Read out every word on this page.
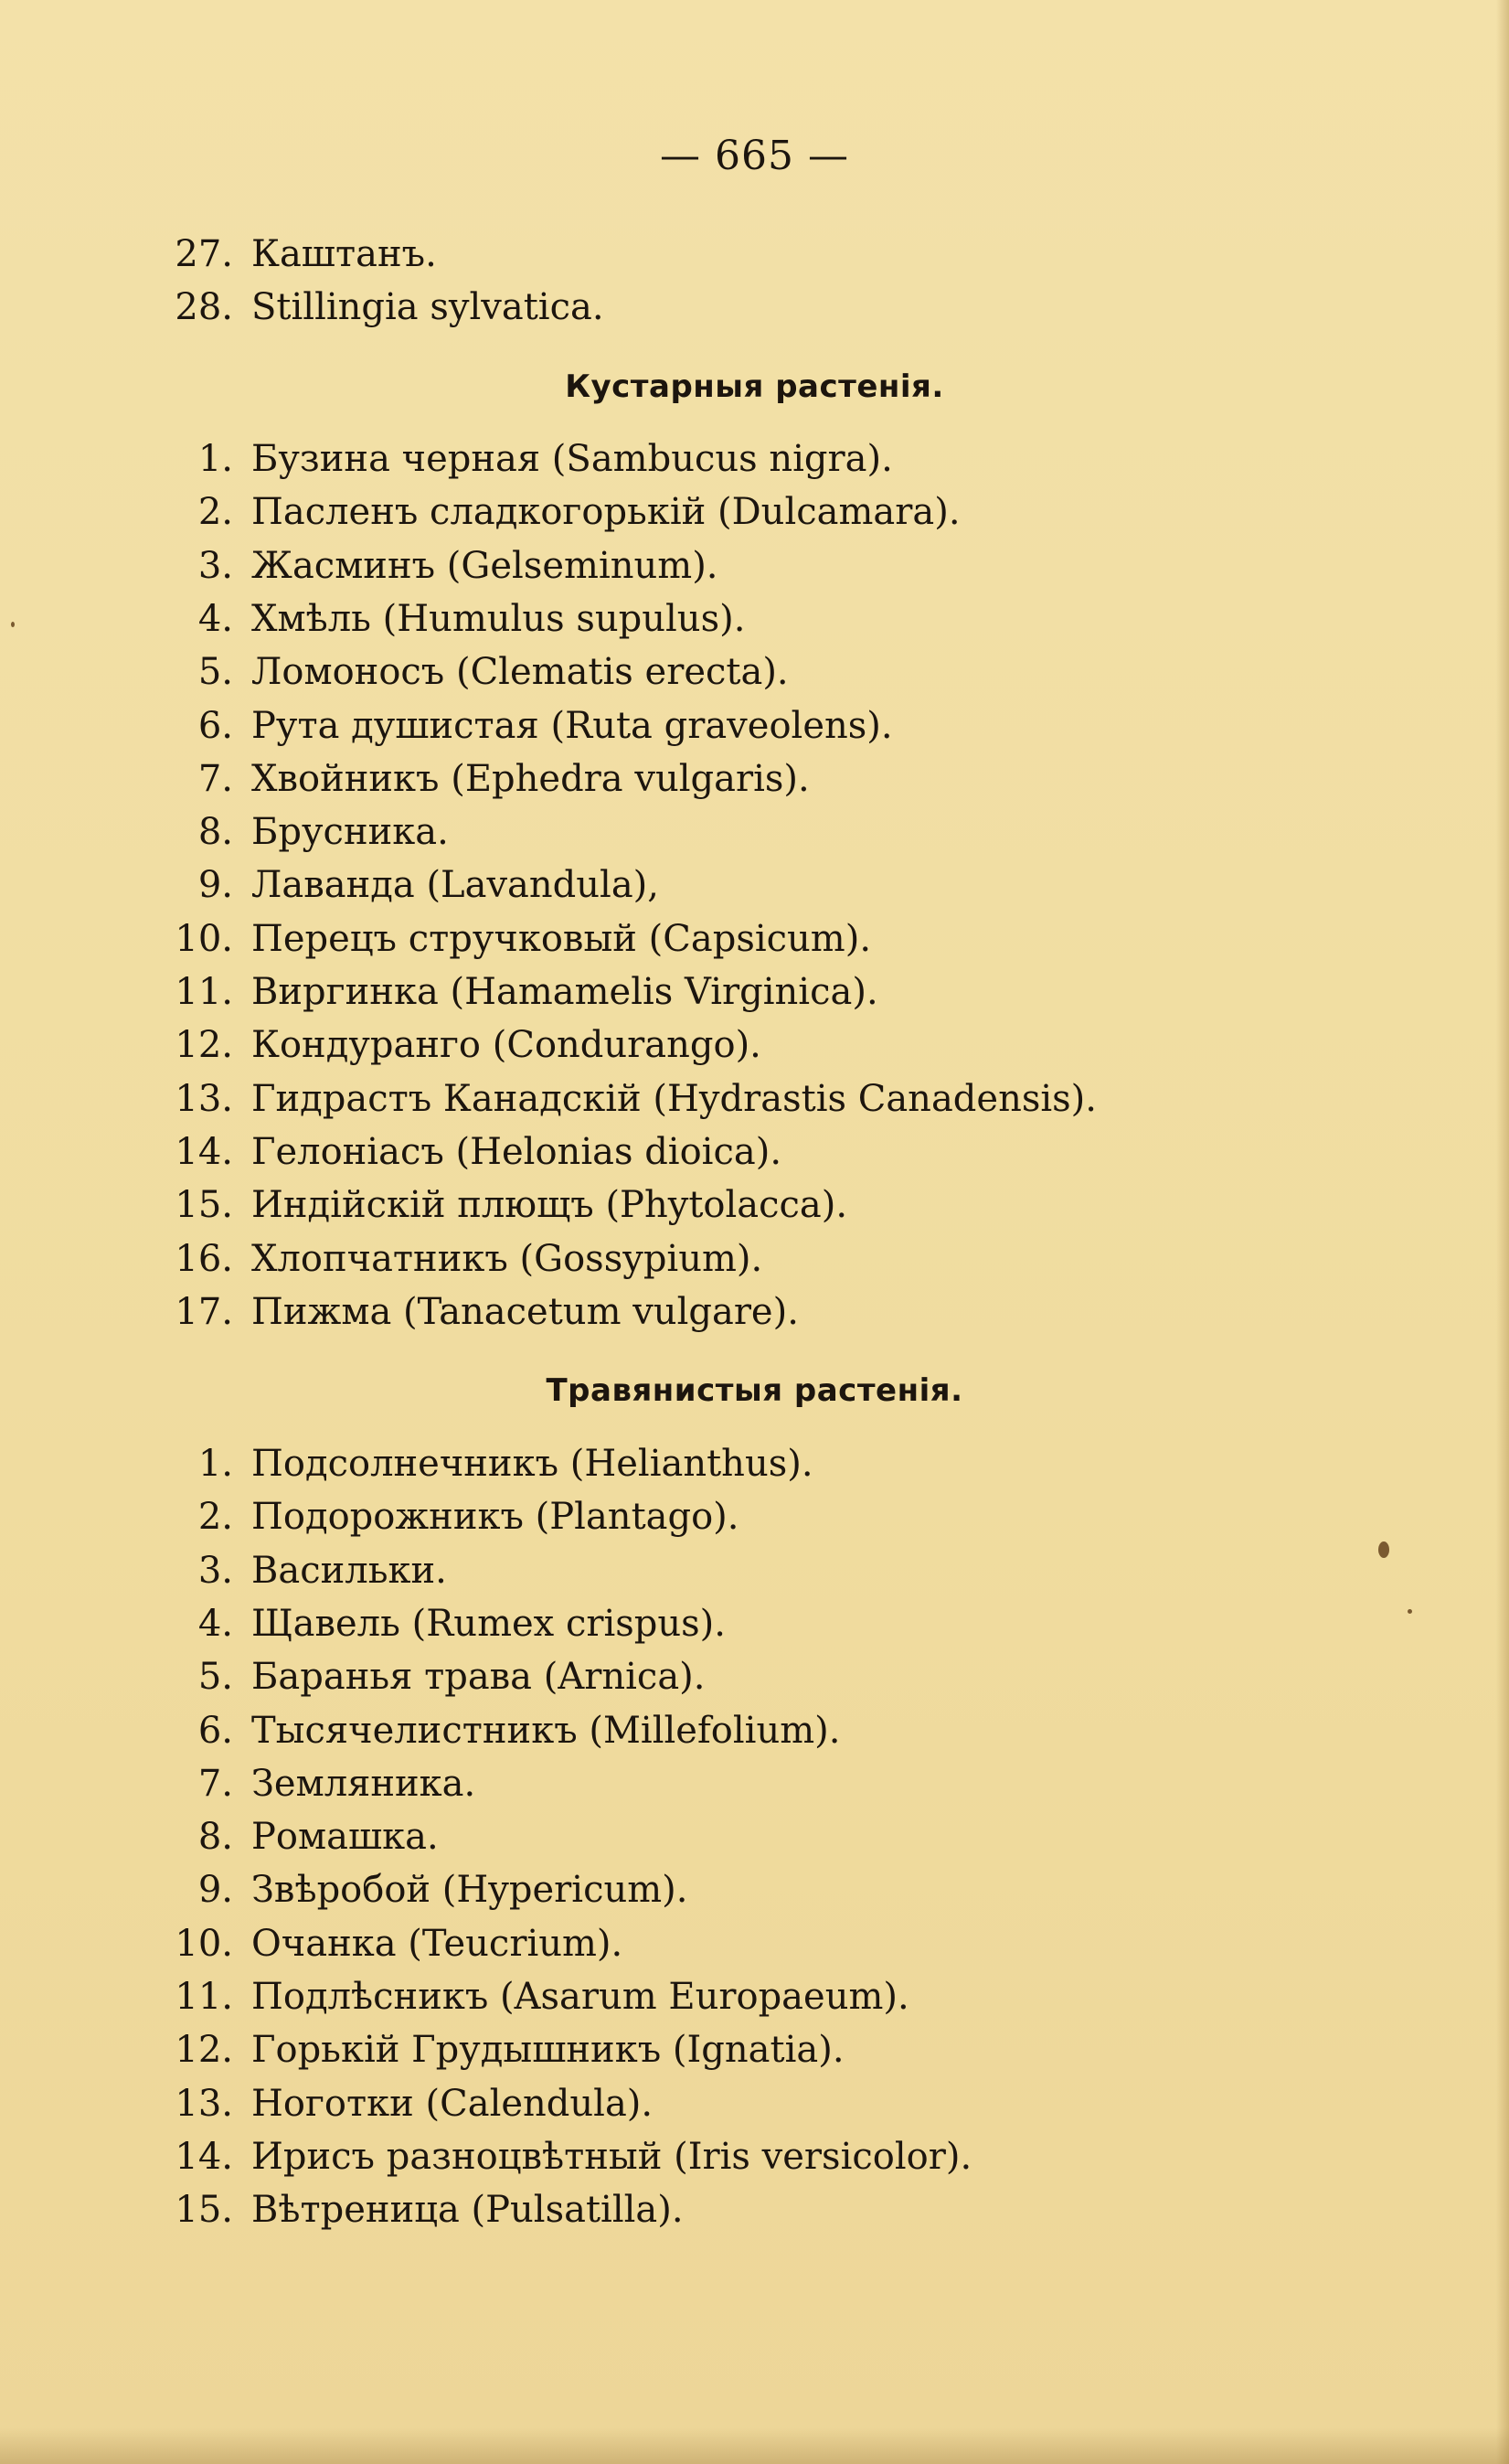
— 665 —
27. Каштанъ.
28. Stillingia sylvatica.
Кустарныя растенія.
1. Бузина черная (Sambucus nigra).
2. Пасленъ сладкогорькій (Dulcamara).
3. Жасминъ (Gelseminum).
4. Хмѣль (Humulus supulus).
5. Ломоносъ (Clematis erecta).
6. Рута душистая (Ruta graveolens).
7. Хвойникъ (Ephedra vulgaris).
8. Брусника.
9. Лаванда (Lavandula),
10. Перецъ стручковый (Capsicum).
11. Виргинка (Hamamelis Virginica).
12. Кондуранго (Condurango).
13. Гидрастъ Канадскій (Hydrastis Canadensis).
14. Гелоніасъ (Helonias dioica).
15. Индійскій плющъ (Phytolacca).
16. Хлопчатникъ (Gossypium).
17. Пижма (Tanacetum vulgare).
Травянистыя растенія.
1. Подсолнечникъ (Helianthus).
2. Подорожникъ (Plantago).
3. Васильки.
4. Щавель (Rumex crispus).
5. Баранья трава (Arnica).
6. Тысячелистникъ (Millefolium).
7. Земляника.
8. Ромашка.
9. Звѣробой (Hypericum).
10. Очанка (Teucrium).
11. Подлѣсникъ (Asarum Europaeum).
12. Горькій Грудышникъ (Ignatia).
13. Ноготки (Calendula).
14. Ирисъ разноцвѣтный (Iris versicolor).
15. Вѣтреница (Pulsatilla).
